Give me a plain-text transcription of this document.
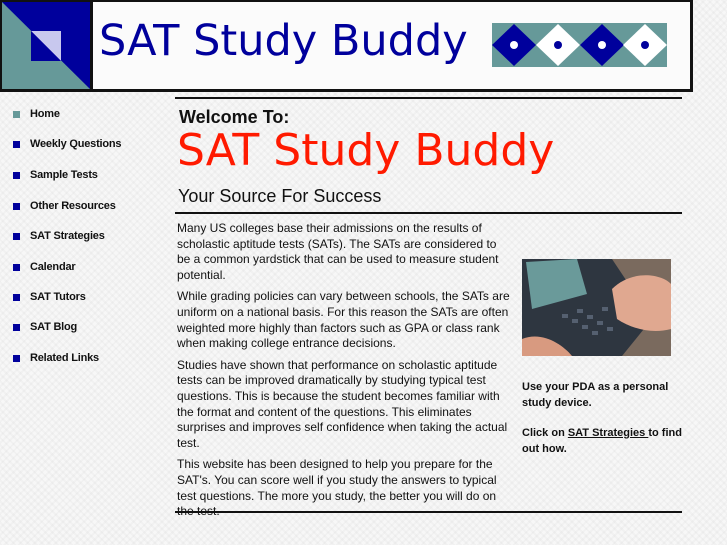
SAT Study Buddy
Home
Weekly Questions
Sample Tests
Other Resources
SAT Strategies
Calendar
SAT Tutors
SAT Blog
Related Links
Welcome To:
SAT Study Buddy
Your Source For Success

Many US colleges base their admissions on the results of scholastic aptitude tests (SATs). The SATs are considered to be a common yardstick that can be used to measure student potential.

While grading policies can vary between schools, the SATs are uniform on a national basis. For this reason the SATs are often weighted more highly than factors such as GPA or class rank when making college entrance decisions.

Studies have shown that performance on scholastic aptitude tests can be improved dramatically by studying typical test questions. This is because the student becomes familiar with the format and content of the questions. This eliminates surprises and improves self confidence when taking the actual test.

This website has been designed to help you prepare for the SAT's. You can score well if you study the answers to typical test questions. The more you study, the better you will do on

Use your PDA as a personal study device.
Click on SAT Strategies to find out how.
